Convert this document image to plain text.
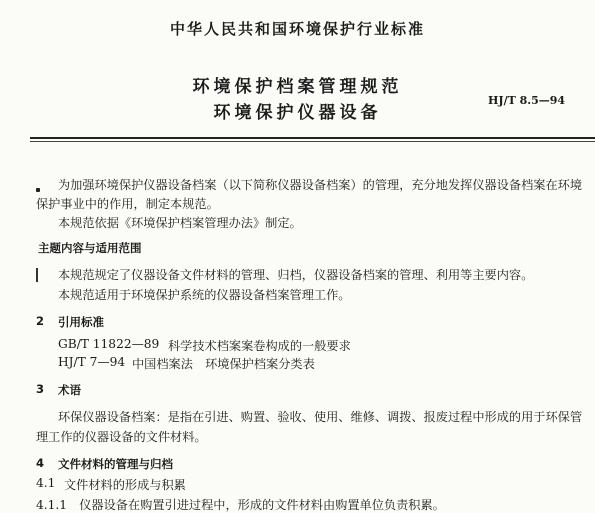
中华人民共和国环境保护行业标准
环境保护档案管理规范
环境保护仪器设备
HJ/T 8.5—94
为加强环境保护仪器设备档案（以下简称仪器设备档案）的管理，充分地发挥仪器设备档案在环境
保护事业中的作用，制定本规范。
本规范依据《环境保护档案管理办法》制定。
主题内容与适用范围
本规范规定了仪器设备文件材料的管理、归档，仪器设备档案的管理、利用等主要内容。
本规范适用于环境保护系统的仪器设备档案管理工作。
2 引用标准
GB/T 11822—89 科学技术档案案卷构成的一般要求
HJ/T 7—94 中国档案法　环境保护档案分类表
3 术语
环保仪器设备档案：是指在引进、购置、验收、使用、维修、调拨、报废过程中形成的用于环保管
理工作的仪器设备的文件材料。
4 文件材料的管理与归档
4.1 文件材料的形成与积累
4.1.1　仪器设备在购置引进过程中，形成的文件材料由购置单位负责积累。
